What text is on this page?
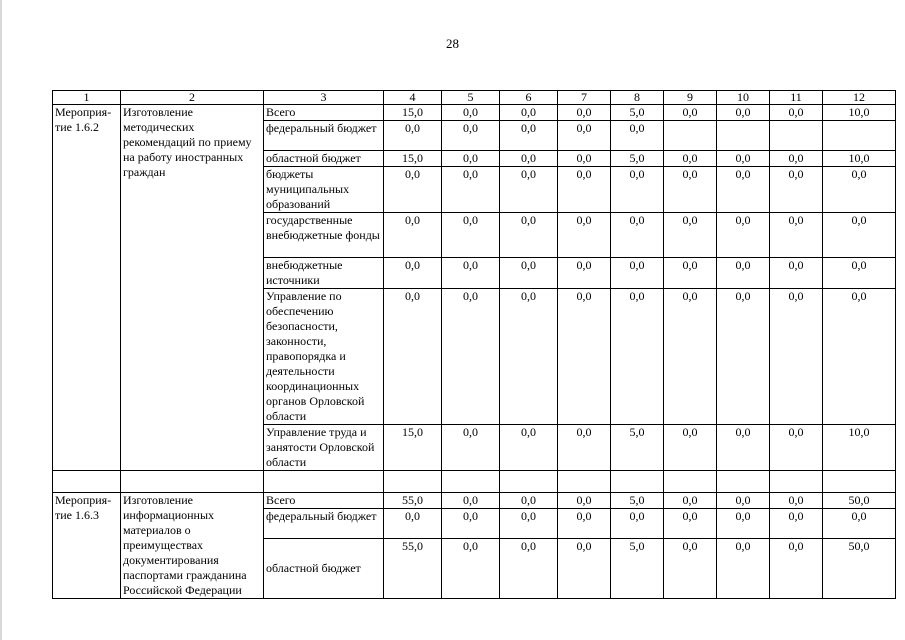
28
1	2	3	4	5	6	7	8	9	10	11	12
Мероприя-тие 1.6.2	Изготовление методических рекомендаций по приему на работу иностранных граждан	Всего	15,0	0,0	0,0	0,0	5,0	0,0	0,0	0,0	10,0
		федеральный бюджет	0,0	0,0	0,0	0,0	0,0				
		областной бюджет	15,0	0,0	0,0	0,0	5,0	0,0	0,0	0,0	10,0
		бюджеты муниципальных образований	0,0	0,0	0,0	0,0	0,0	0,0	0,0	0,0	0,0
		государственные внебюджетные фонды	0,0	0,0	0,0	0,0	0,0	0,0	0,0	0,0	0,0
		внебюджетные источники	0,0	0,0	0,0	0,0	0,0	0,0	0,0	0,0	0,0
		Управление по обеспечению безопасности, законности, правопорядка и деятельности координационных органов Орловской области	0,0	0,0	0,0	0,0	0,0	0,0	0,0	0,0	0,0
		Управление труда и занятости Орловской области	15,0	0,0	0,0	0,0	5,0	0,0	0,0	0,0	10,0

Мероприя-тие 1.6.3	Изготовление информационных материалов о преимуществах документирования паспортами гражданина Российской Федерации	Всего	55,0	0,0	0,0	0,0	5,0	0,0	0,0	0,0	50,0
		федеральный бюджет	0,0	0,0	0,0	0,0	0,0	0,0	0,0	0,0	0,0
		областной бюджет	55,0	0,0	0,0	0,0	5,0	0,0	0,0	0,0	50,0
